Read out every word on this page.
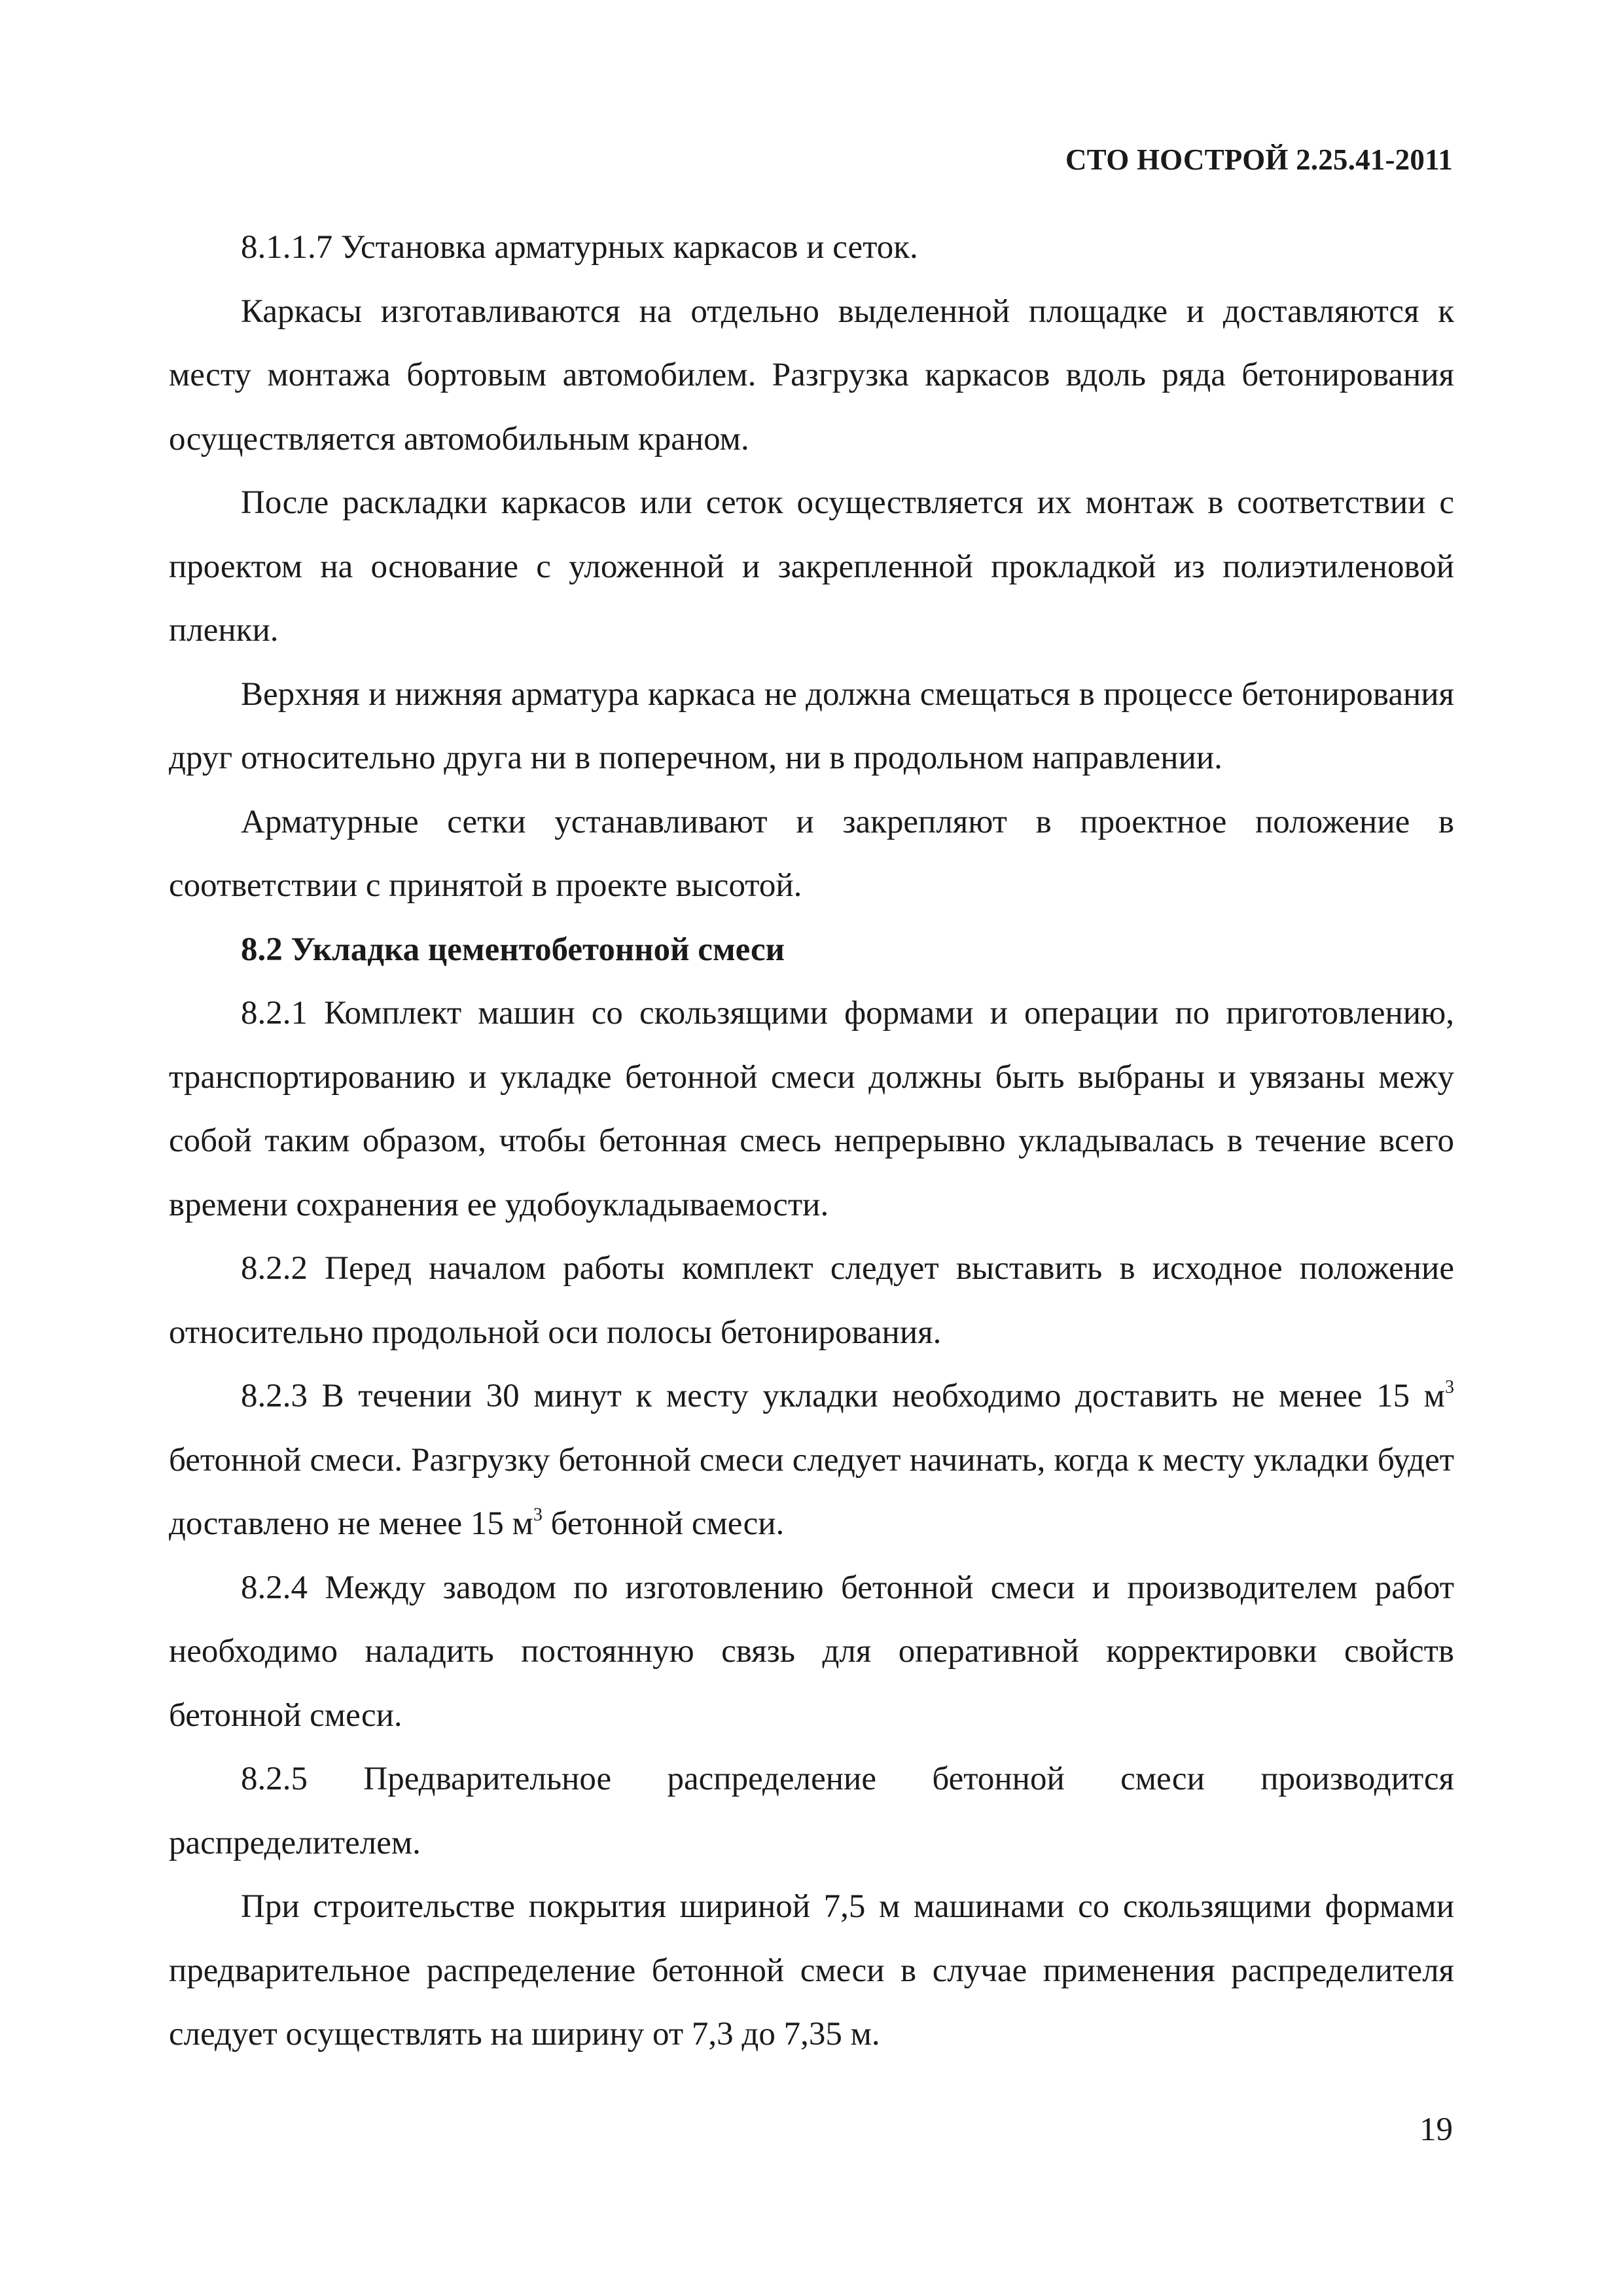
СТО НОСТРОЙ 2.25.41-2011

8.1.1.7 Установка арматурных каркасов и сеток.

Каркасы изготавливаются на отдельно выделенной площадке и доставляются к месту монтажа бортовым автомобилем. Разгрузка каркасов вдоль ряда бетонирования осуществляется автомобильным краном.

После раскладки каркасов или сеток осуществляется их монтаж в соответствии с проектом на основание с уложенной и закрепленной прокладкой из полиэтиленовой пленки.

Верхняя и нижняя арматура каркаса не должна смещаться в процессе бетонирования друг относительно друга ни в поперечном, ни в продольном направлении.

Арматурные сетки устанавливают и закрепляют в проектное положение в соответствии с принятой в проекте высотой.

8.2 Укладка цементобетонной смеси

8.2.1 Комплект машин со скользящими формами и операции по приготовлению, транспортированию и укладке бетонной смеси должны быть выбраны и увязаны межу собой таким образом, чтобы бетонная смесь непрерывно укладывалась в течение всего времени сохранения ее удобоукладываемости.

8.2.2 Перед началом работы комплект следует выставить в исходное положение относительно продольной оси полосы бетонирования.

8.2.3 В течении 30 минут к месту укладки необходимо доставить не менее 15 $м^3$ бетонной смеси. Разгрузку бетонной смеси следует начинать, когда к месту укладки будет доставлено не менее 15 $м^3$ бетонной смеси.

8.2.4 Между заводом по изготовлению бетонной смеси и производителем работ необходимо наладить постоянную связь для оперативной корректировки свойств бетонной смеси.

8.2.5 Предварительное распределение бетонной смеси производится распределителем.

При строительстве покрытия шириной 7,5 м машинами со скользящими формами предварительное распределение бетонной смеси в случае применения распределителя следует осуществлять на ширину от 7,3 до 7,35 м.

19
